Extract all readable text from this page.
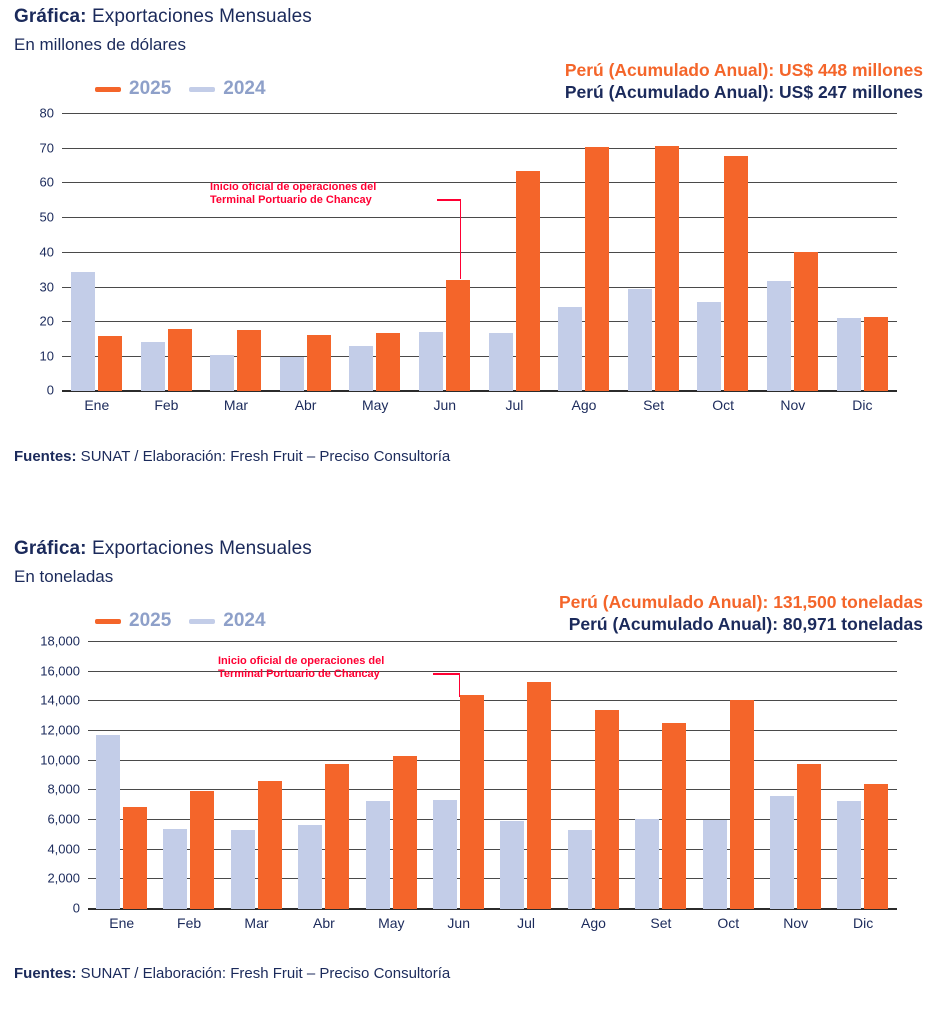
Gráfica: Exportaciones Mensuales
En millones de dólares
2025	2024
Perú (Acumulado Anual): US$ 448 millones
Perú (Acumulado Anual): US$ 247 millones
80
70
60
50
40
30
20
10
0
Inicio oficial de operaciones del
Terminal Portuario de Chancay
Ene	Feb	Mar	Abr	May	Jun	Jul	Ago	Set	Oct	Nov	Dic
Fuentes: SUNAT / Elaboración: Fresh Fruit – Preciso Consultoría
Gráfica: Exportaciones Mensuales
En toneladas
2025	2024
Perú (Acumulado Anual): 131,500 toneladas
Perú (Acumulado Anual): 80,971 toneladas
18,000
16,000
14,000
12,000
10,000
8,000
6,000
4,000
2,000
0
Inicio oficial de operaciones del
Terminal Portuario de Chancay
Ene	Feb	Mar	Abr	May	Jun	Jul	Ago	Set	Oct	Nov	Dic
Fuentes: SUNAT / Elaboración: Fresh Fruit – Preciso Consultoría
